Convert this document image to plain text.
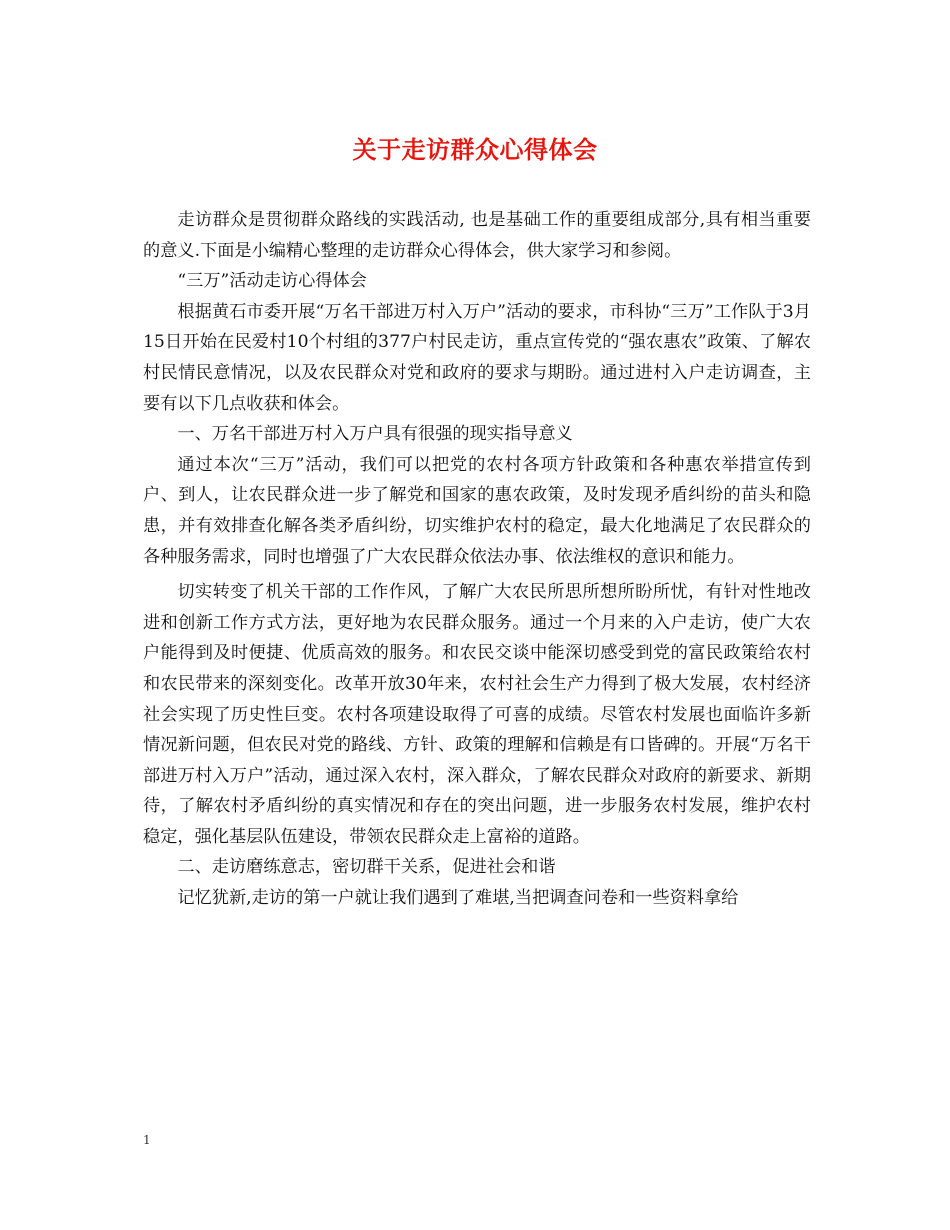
关于走访群众心得体会

走访群众是贯彻群众路线的实践活动, 也是基础工作的重要组成部分,具有相当重要的意义.下面是小编精心整理的走访群众心得体会，供大家学习和参阅。

“三万”活动走访心得体会

根据黄石市委开展“万名干部进万村入万户”活动的要求，市科协“三万”工作队于3月15日开始在民爱村10个村组的377户村民走访，重点宣传党的“强农惠农”政策、了解农村民情民意情况，以及农民群众对党和政府的要求与期盼。通过进村入户走访调查，主要有以下几点收获和体会。

一、万名干部进万村入万户具有很强的现实指导意义

通过本次“三万”活动，我们可以把党的农村各项方针政策和各种惠农举措宣传到户、到人，让农民群众进一步了解党和国家的惠农政策，及时发现矛盾纠纷的苗头和隐患，并有效排查化解各类矛盾纠纷，切实维护农村的稳定，最大化地满足了农民群众的各种服务需求，同时也增强了广大农民群众依法办事、依法维权的意识和能力。

切实转变了机关干部的工作作风，了解广大农民所思所想所盼所忧，有针对性地改进和创新工作方式方法，更好地为农民群众服务。通过一个月来的入户走访，使广大农户能得到及时便捷、优质高效的服务。和农民交谈中能深切感受到党的富民政策给农村和农民带来的深刻变化。改革开放30年来，农村社会生产力得到了极大发展，农村经济社会实现了历史性巨变。农村各项建设取得了可喜的成绩。尽管农村发展也面临许多新情况新问题，但农民对党的路线、方针、政策的理解和信赖是有口皆碑的。开展“万名干部进万村入万户”活动，通过深入农村，深入群众，了解农民群众对政府的新要求、新期待，了解农村矛盾纠纷的真实情况和存在的突出问题，进一步服务农村发展，维护农村稳定，强化基层队伍建设，带领农民群众走上富裕的道路。

二、走访磨练意志，密切群干关系，促进社会和谐

记忆犹新,走访的第一户就让我们遇到了难堪,当把调查问卷和一些资料拿给

1
